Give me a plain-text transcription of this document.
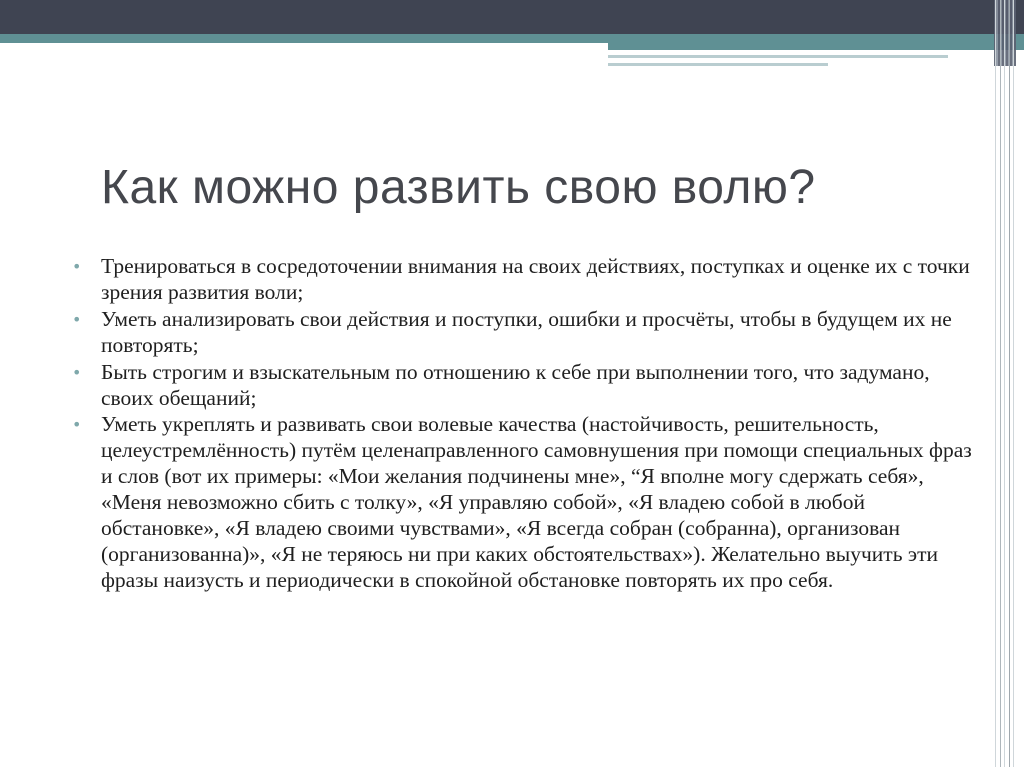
Как можно развить свою волю?
• Тренироваться в сосредоточении внимания на своих действиях, поступках и оценке их с точки зрения развития воли;
• Уметь анализировать свои действия и поступки, ошибки и просчёты, чтобы в будущем их не повторять;
• Быть строгим и взыскательным по отношению к себе при выполнении того, что задумано, своих обещаний;
• Уметь укреплять и развивать свои волевые качества (настойчивость, решительность, целеустремлённость) путём целенаправленного самовнушения при помощи специальных фраз и слов (вот их примеры: «Мои желания подчинены мне», “Я вполне могу сдержать себя», «Меня невозможно сбить с толку», «Я управляю собой», «Я владею собой в любой обстановке», «Я владею своими чувствами», «Я всегда собран (собранна), организован (организованна)», «Я не теряюсь ни при каких обстоятельствах»). Желательно выучить эти фразы наизусть и периодически в спокойной обстановке повторять их про себя.
